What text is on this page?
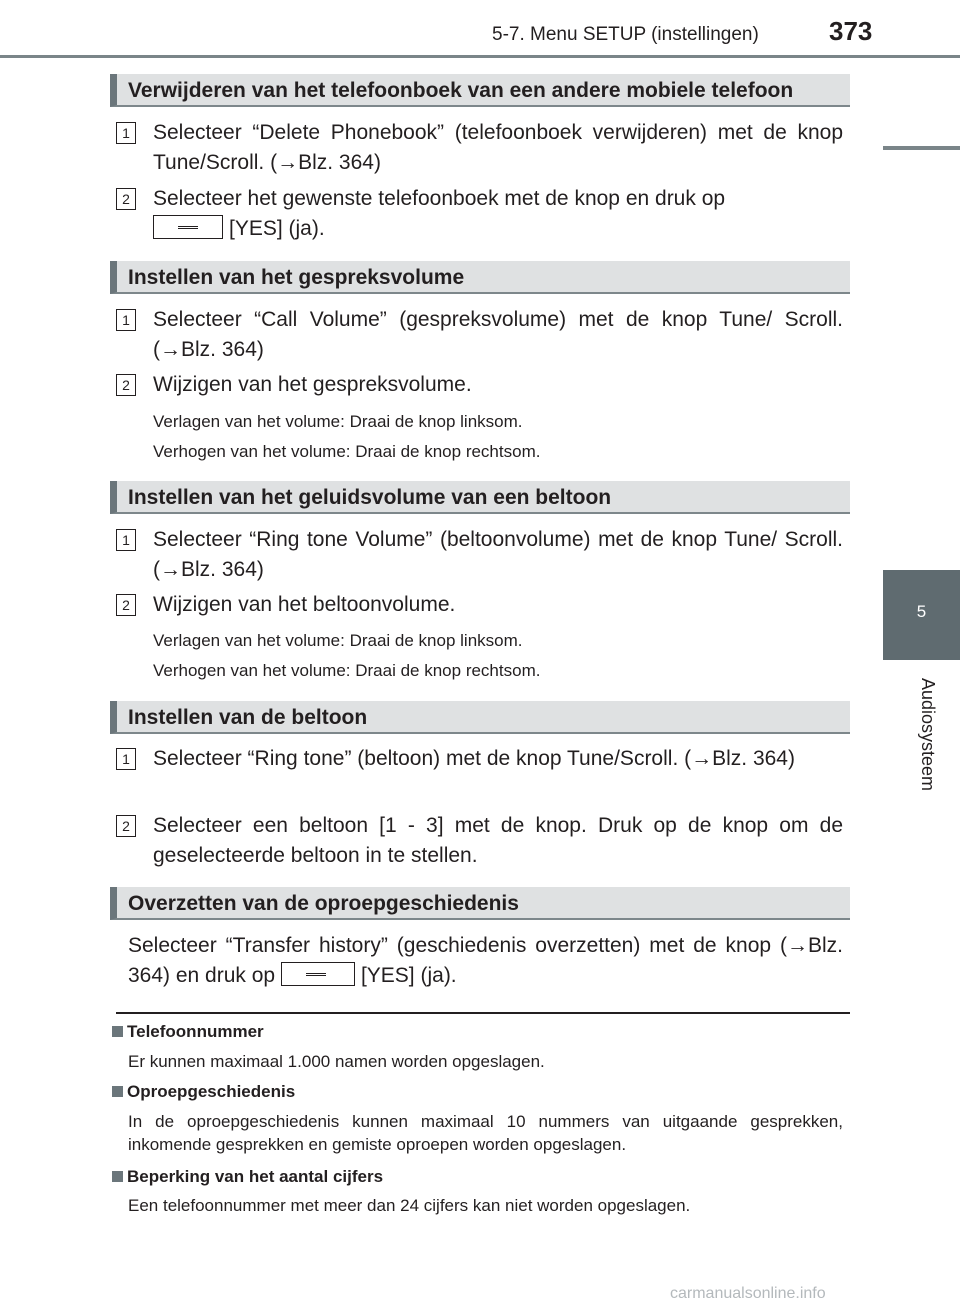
5-7. Menu SETUP (instellingen)	373
5
Audiosysteem
Verwijderen van het telefoonboek van een andere mobiele telefoon
1 Selecteer “Delete Phonebook” (telefoonboek verwijderen) met de knop Tune/Scroll. (→Blz. 364)
2 Selecteer het gewenste telefoonboek met de knop en druk op
[YES] (ja).
Instellen van het gespreksvolume
1 Selecteer “Call Volume” (gespreksvolume) met de knop Tune/ Scroll. (→Blz. 364)
2 Wijzigen van het gespreksvolume.
Verlagen van het volume: Draai de knop linksom.
Verhogen van het volume: Draai de knop rechtsom.
Instellen van het geluidsvolume van een beltoon
1 Selecteer “Ring tone Volume” (beltoonvolume) met de knop Tune/ Scroll. (→Blz. 364)
2 Wijzigen van het beltoonvolume.
Verlagen van het volume: Draai de knop linksom.
Verhogen van het volume: Draai de knop rechtsom.
Instellen van de beltoon
1 Selecteer “Ring tone” (beltoon) met de knop Tune/Scroll. (→Blz. 364)
2 Selecteer een beltoon [1 - 3] met de knop. Druk op de knop om de geselecteerde beltoon in te stellen.
Overzetten van de oproepgeschiedenis
Selecteer “Transfer history” (geschiedenis overzetten) met de knop (→Blz. 364) en druk op	[YES] (ja).
Telefoonnummer
Er kunnen maximaal 1.000 namen worden opgeslagen.
Oproepgeschiedenis
In de oproepgeschiedenis kunnen maximaal 10 nummers van uitgaande gesprekken, inkomende gesprekken en gemiste oproepen worden opgeslagen.
Beperking van het aantal cijfers
Een telefoonnummer met meer dan 24 cijfers kan niet worden opgeslagen.
carmanualsonline.info
